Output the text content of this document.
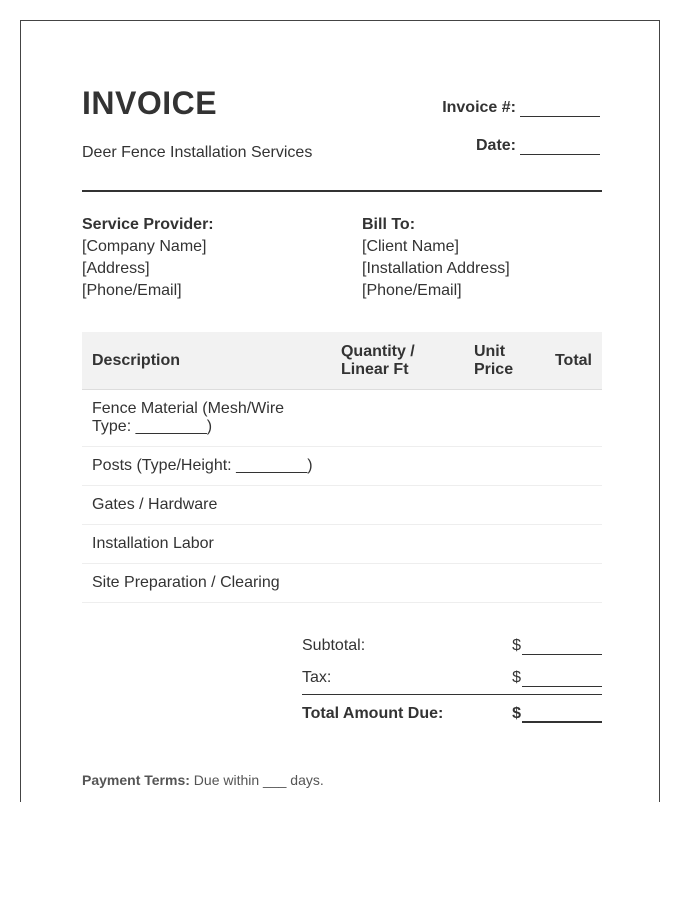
INVOICE
Deer Fence Installation Services
Invoice #:
Date:
Service Provider:
[Company Name]
[Address]
[Phone/Email]
Bill To:
[Client Name]
[Installation Address]
[Phone/Email]
Description	Quantity / Linear Ft	Unit Price	Total
Fence Material (Mesh/Wire Type: ________)			
Posts (Type/Height: ________)			
Gates / Hardware			
Installation Labor			
Site Preparation / Clearing			
Subtotal:	$
Tax:	$
Total Amount Due:	$
Payment Terms: Due within ___ days.
